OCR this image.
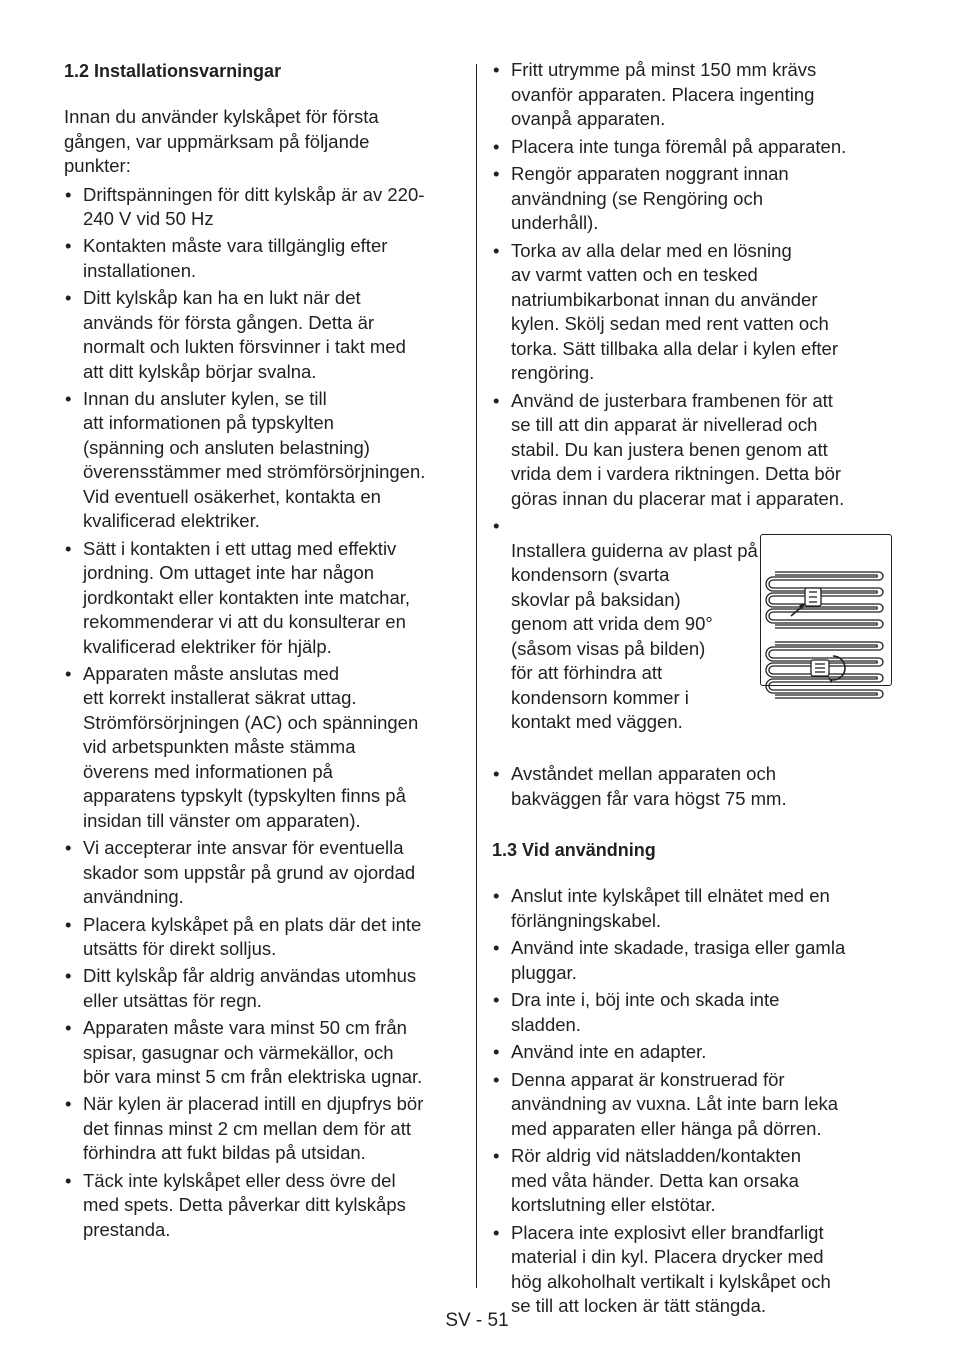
1.2 Installationsvarningar

Innan du använder kylskåpet för första
gången, var uppmärksam på följande
punkter:

• Driftspänningen för ditt kylskåp är av 220-
240 V vid 50 Hz
• Kontakten måste vara tillgänglig efter
installationen.
• Ditt kylskåp kan ha en lukt när det
används för första gången. Detta är
normalt och lukten försvinner i takt med
att ditt kylskåp börjar svalna.
• Innan du ansluter kylen, se till
att informationen på typskylten
(spänning och ansluten belastning)
överensstämmer med strömförsörjningen.
Vid eventuell osäkerhet, kontakta en
kvalificerad elektriker.
• Sätt i kontakten i ett uttag med effektiv
jordning. Om uttaget inte har någon
jordkontakt eller kontakten inte matchar,
rekommenderar vi att du konsulterar en
kvalificerad elektriker för hjälp.
• Apparaten måste anslutas med
ett korrekt installerat säkrat uttag.
Strömförsörjningen (AC) och spänningen
vid arbetspunkten måste stämma
överens med informationen på
apparatens typskylt (typskylten finns på
insidan till vänster om apparaten).
• Vi accepterar inte ansvar för eventuella
skador som uppstår på grund av ojordad
användning.
• Placera kylskåpet på en plats där det inte
utsätts för direkt solljus.
• Ditt kylskåp får aldrig användas utomhus
eller utsättas för regn.
• Apparaten måste vara minst 50 cm från
spisar, gasugnar och värmekällor, och
bör vara minst 5 cm från elektriska ugnar.
• När kylen är placerad intill en djupfrys bör
det finnas minst 2 cm mellan dem för att
förhindra att fukt bildas på utsidan.
• Täck inte kylskåpet eller dess övre del
med spets. Detta påverkar ditt kylskåps
prestanda.
• Fritt utrymme på minst 150 mm krävs
ovanför apparaten. Placera ingenting
ovanpå apparaten.
• Placera inte tunga föremål på apparaten.
• Rengör apparaten noggrant innan
användning (se Rengöring och
underhåll).
• Torka av alla delar med en lösning
av varmt vatten och en tesked
natriumbikarbonat innan du använder
kylen. Skölj sedan med rent vatten och
torka. Sätt tillbaka alla delar i kylen efter
rengöring.
• Använd de justerbara frambenen för att
se till att din apparat är nivellerad och
stabil. Du kan justera benen genom att
vrida dem i vardera riktningen. Detta bör
göras innan du placerar mat i apparaten.

• Installera guiderna av plast på
kondensorn (svarta
skovlar på baksidan)
genom att vrida dem 90°
(såsom visas på bilden)
för att förhindra att
kondensorn kommer i
kontakt med väggen.

• Avståndet mellan apparaten och
bakväggen får vara högst 75 mm.
1.3 Vid användning
• Anslut inte kylskåpet till elnätet med en
förlängningskabel.
• Använd inte skadade, trasiga eller gamla
pluggar.
• Dra inte i, böj inte och skada inte
sladden.
• Använd inte en adapter.
• Denna apparat är konstruerad för
användning av vuxna. Låt inte barn leka
med apparaten eller hänga på dörren.
• Rör aldrig vid nätsladden/kontakten
med våta händer. Detta kan orsaka
kortslutning eller elstötar.
• Placera inte explosivt eller brandfarligt
material i din kyl. Placera drycker med
hög alkoholhalt vertikalt i kylskåpet och
se till att locken är tätt stängda.
SV - 51
